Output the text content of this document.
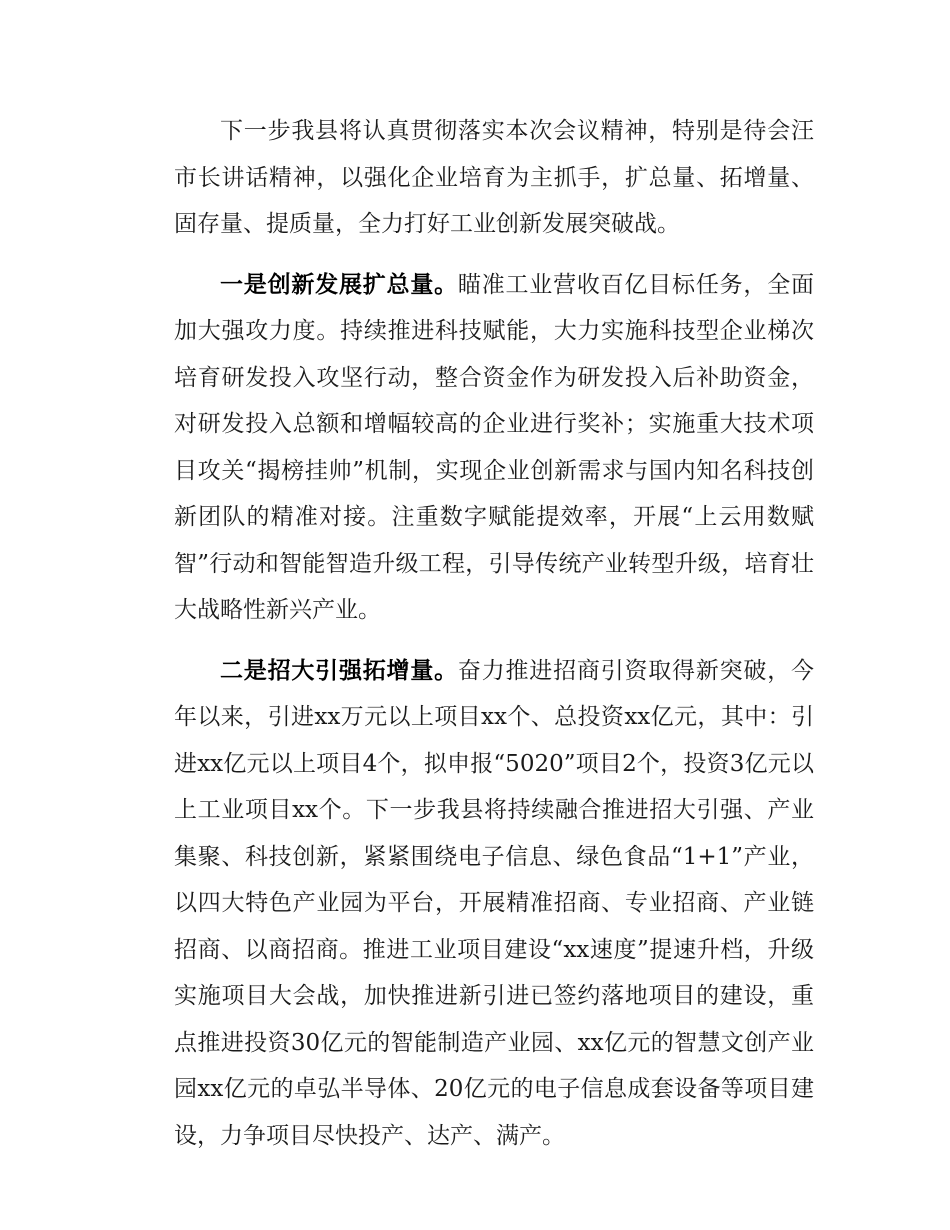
下一步我县将认真贯彻落实本次会议精神，特别是待会汪市长讲话精神，以强化企业培育为主抓手，扩总量、拓增量、固存量、提质量，全力打好工业创新发展突破战。

一是创新发展扩总量。瞄准工业营收百亿目标任务，全面加大强攻力度。持续推进科技赋能，大力实施科技型企业梯次培育研发投入攻坚行动，整合资金作为研发投入后补助资金，对研发投入总额和增幅较高的企业进行奖补；实施重大技术项目攻关“揭榜挂帅”机制，实现企业创新需求与国内知名科技创新团队的精准对接。注重数字赋能提效率，开展“上云用数赋智”行动和智能智造升级工程，引导传统产业转型升级，培育壮大战略性新兴产业。

二是招大引强拓增量。奋力推进招商引资取得新突破，今年以来，引进xx万元以上项目xx个、总投资xx亿元，其中：引进xx亿元以上项目4个，拟申报“5020”项目2个，投资3亿元以上工业项目xx个。下一步我县将持续融合推进招大引强、产业集聚、科技创新，紧紧围绕电子信息、绿色食品“1+1”产业，以四大特色产业园为平台，开展精准招商、专业招商、产业链招商、以商招商。推进工业项目建设“xx速度”提速升档，升级实施项目大会战，加快推进新引进已签约落地项目的建设，重点推进投资30亿元的智能制造产业园、xx亿元的智慧文创产业园xx亿元的卓弘半导体、20亿元的电子信息成套设备等项目建设，力争项目尽快投产、达产、满产。
